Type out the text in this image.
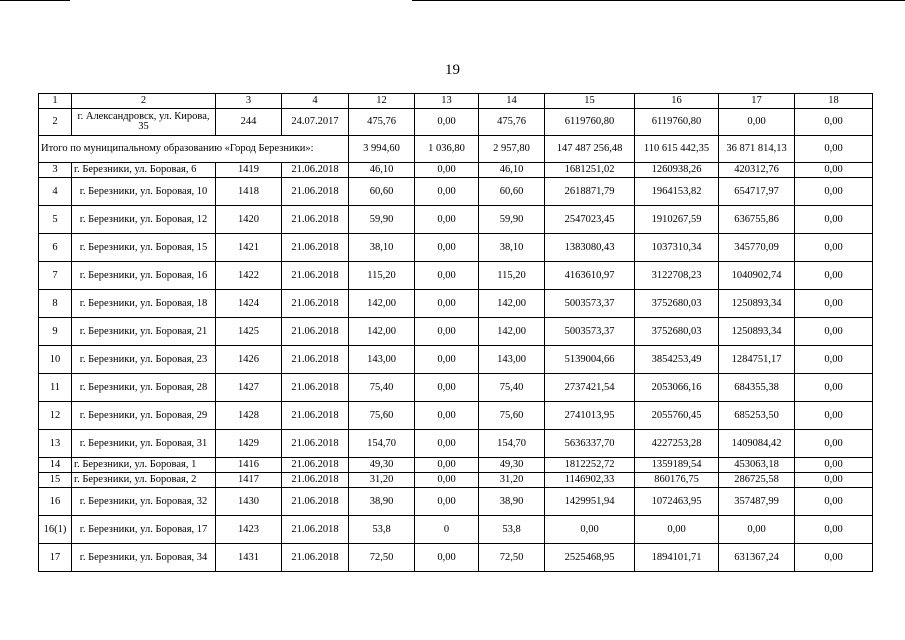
19
1	2	3	4	12	13	14	15	16	17	18
2	г. Александровск, ул. Кирова, 35	244	24.07.2017	475,76	0,00	475,76	6119760,80	6119760,80	0,00	0,00
Итого по муниципальному образованию «Город Березники»:				3 994,60	1 036,80	2 957,80	147 487 256,48	110 615 442,35	36 871 814,13	0,00
3	г. Березники, ул. Боровая, 6	1419	21.06.2018	46,10	0,00	46,10	1681251,02	1260938,26	420312,76	0,00
4	г. Березники, ул. Боровая, 10	1418	21.06.2018	60,60	0,00	60,60	2618871,79	1964153,82	654717,97	0,00
5	г. Березники, ул. Боровая, 12	1420	21.06.2018	59,90	0,00	59,90	2547023,45	1910267,59	636755,86	0,00
6	г. Березники, ул. Боровая, 15	1421	21.06.2018	38,10	0,00	38,10	1383080,43	1037310,34	345770,09	0,00
7	г. Березники, ул. Боровая, 16	1422	21.06.2018	115,20	0,00	115,20	4163610,97	3122708,23	1040902,74	0,00
8	г. Березники, ул. Боровая, 18	1424	21.06.2018	142,00	0,00	142,00	5003573,37	3752680,03	1250893,34	0,00
9	г. Березники, ул. Боровая, 21	1425	21.06.2018	142,00	0,00	142,00	5003573,37	3752680,03	1250893,34	0,00
10	г. Березники, ул. Боровая, 23	1426	21.06.2018	143,00	0,00	143,00	5139004,66	3854253,49	1284751,17	0,00
11	г. Березники, ул. Боровая, 28	1427	21.06.2018	75,40	0,00	75,40	2737421,54	2053066,16	684355,38	0,00
12	г. Березники, ул. Боровая, 29	1428	21.06.2018	75,60	0,00	75,60	2741013,95	2055760,45	685253,50	0,00
13	г. Березники, ул. Боровая, 31	1429	21.06.2018	154,70	0,00	154,70	5636337,70	4227253,28	1409084,42	0,00
14	г. Березники, ул. Боровая, 1	1416	21.06.2018	49,30	0,00	49,30	1812252,72	1359189,54	453063,18	0,00
15	г. Березники, ул. Боровая, 2	1417	21.06.2018	31,20	0,00	31,20	1146902,33	860176,75	286725,58	0,00
16	г. Березники, ул. Боровая, 32	1430	21.06.2018	38,90	0,00	38,90	1429951,94	1072463,95	357487,99	0,00
16(1)	г. Березники, ул. Боровая, 17	1423	21.06.2018	53,8	0	53,8	0,00	0,00	0,00	0,00
17	г. Березники, ул. Боровая, 34	1431	21.06.2018	72,50	0,00	72,50	2525468,95	1894101,71	631367,24	0,00
